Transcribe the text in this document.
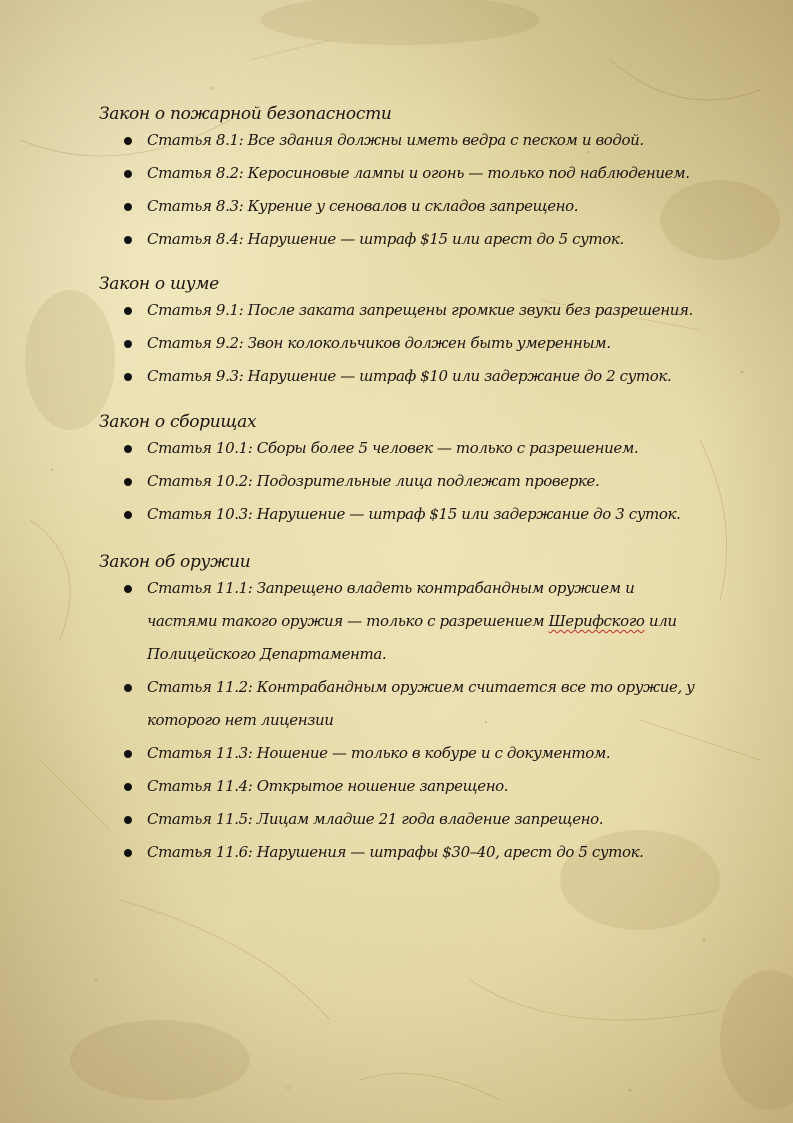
Закон о пожарной безопасности
Статья 8.1: Все здания должны иметь ведра с песком и водой.
Статья 8.2: Керосиновые лампы и огонь — только под наблюдением.
Статья 8.3: Курение у сеновалов и складов запрещено.
Статья 8.4: Нарушение — штраф $15 или арест до 5 суток.
Закон о шуме
Статья 9.1: После заката запрещены громкие звуки без разрешения.
Статья 9.2: Звон колокольчиков должен быть умеренным.
Статья 9.3: Нарушение — штраф $10 или задержание до 2 суток.
Закон о сборищах
Статья 10.1: Сборы более 5 человек — только с разрешением.
Статья 10.2: Подозрительные лица подлежат проверке.
Статья 10.3: Нарушение — штраф $15 или задержание до 3 суток.
Закон об оружии
Статья 11.1: Запрещено владеть контрабандным оружием и частями такого оружия — только с разрешением Шерифского или Полицейского Департамента.
Статья 11.2: Контрабандным оружием считается все то оружие, у которого нет лицензии
Статья 11.3: Ношение — только в кобуре и с документом.
Статья 11.4: Открытое ношение запрещено.
Статья 11.5: Лицам младше 21 года владение запрещено.
Статья 11.6: Нарушения — штрафы $30–40, арест до 5 суток.
